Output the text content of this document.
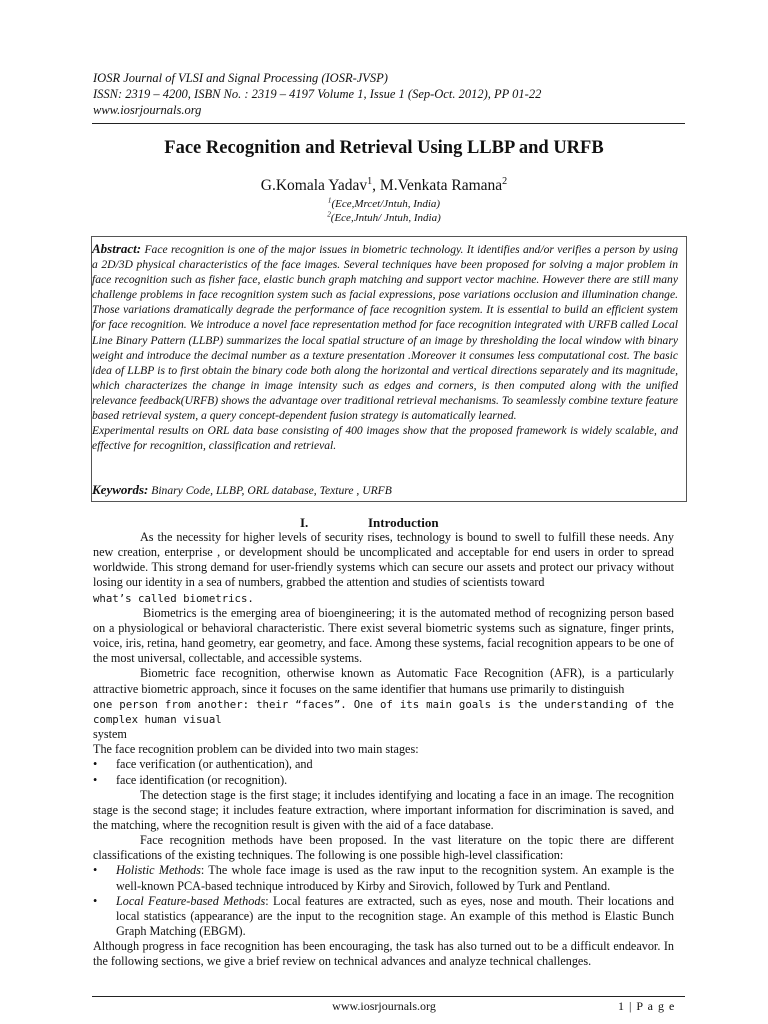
IOSR Journal of VLSI and Signal Processing (IOSR-JVSP)
ISSN: 2319 – 4200, ISBN No. : 2319 – 4197 Volume 1, Issue 1 (Sep-Oct. 2012), PP 01-22
www.iosrjournals.org
Face Recognition and Retrieval Using LLBP and URFB
G.Komala Yadav$^1$, M.Venkata Ramana$^2$
$^1$(Ece,Mrcet/Jntuh, India)
$^2$(Ece,Jntuh/ Jntuh, India)

Abstract: Face recognition is one of the major issues in biometric technology. It identifies and/or verifies a person by using a 2D/3D physical characteristics of the face images. Several techniques have been proposed for solving a major problem in face recognition such as fisher face, elastic bunch graph matching and support vector machine. However there are still many challenge problems in face recognition system such as facial expressions, pose variations occlusion and illumination change. Those variations dramatically degrade the performance of face recognition system. It is essential to build an efficient system for face recognition. We introduce a novel face representation method for face recognition integrated with URFB called Local Line Binary Pattern (LLBP) summarizes the local spatial structure of an image by thresholding the local window with binary weight and introduce the decimal number as a texture presentation .Moreover it consumes less computational cost. The basic idea of LLBP is to first obtain the binary code both along the horizontal and vertical directions separately and its magnitude, which characterizes the change in image intensity such as edges and corners, is then computed along with the unified relevance feedback(URFB) shows the advantage over traditional retrieval mechanisms. To seamlessly combine texture feature based retrieval system, a query concept-dependent fusion strategy is automatically learned.

Experimental results on ORL data base consisting of 400 images show that the proposed framework is widely scalable, and effective for recognition, classification and retrieval.

Keywords: Binary Code, LLBP, ORL database, Texture , URFB
I.	Introduction

As the necessity for higher levels of security rises, technology is bound to swell to fulfill these needs. Any new creation, enterprise , or development should be uncomplicated and acceptable for end users in order to spread worldwide. This strong demand for user-friendly systems which can secure our assets and protect our privacy without losing our identity in a sea of numbers, grabbed the attention and studies of scientists toward
what’s called biometrics.

Biometrics is the emerging area of bioengineering; it is the automated method of recognizing person based on a physiological or behavioral characteristic. There exist several biometric systems such as signature, finger prints, voice, iris, retina, hand geometry, ear geometry, and face. Among these systems, facial recognition appears to be one of the most universal, collectable, and accessible systems.

Biometric face recognition, otherwise known as Automatic Face Recognition (AFR), is a particularly attractive biometric approach, since it focuses on the same identifier that humans use primarily to distinguish
one person from another: their “faces”. One of its main goals is the understanding of the complex human visual
system

The face recognition problem can be divided into two main stages:

• face verification (or authentication), and

• face identification (or recognition).

The detection stage is the first stage; it includes identifying and locating a face in an image. The recognition stage is the second stage; it includes feature extraction, where important information for discrimination is saved, and the matching, where the recognition result is given with the aid of a face database.

Face recognition methods have been proposed. In the vast literature on the topic there are different classifications of the existing techniques. The following is one possible high-level classification:

• Holistic Methods: The whole face image is used as the raw input to the recognition system. An example is the well-known PCA-based technique introduced by Kirby and Sirovich, followed by Turk and Pentland.

• Local Feature-based Methods: Local features are extracted, such as eyes, nose and mouth. Their locations and local statistics (appearance) are the input to the recognition stage. An example of this method is Elastic Bunch Graph Matching (EBGM).

Although progress in face recognition has been encouraging, the task has also turned out to be a difficult endeavor. In the following sections, we give a brief review on technical advances and analyze technical challenges.

www.iosrjournals.org	1 | P a g e
